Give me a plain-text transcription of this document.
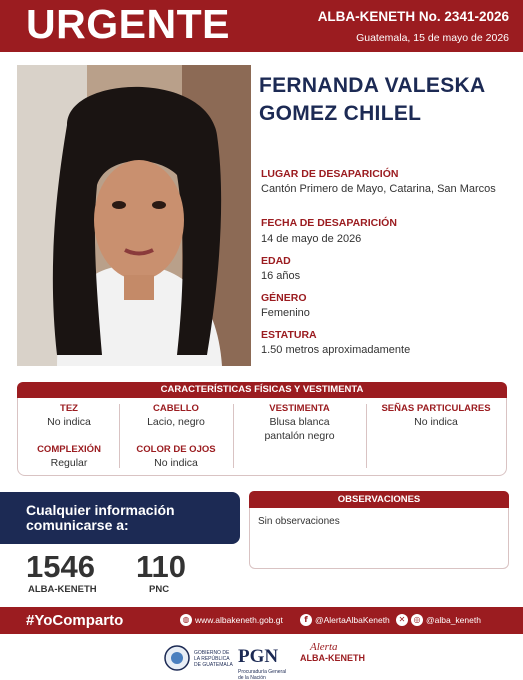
URGENTE	ALBA-KENETH No. 2341-2026
Guatemala, 15 de mayo de 2026
FERNANDA VALESKA
GOMEZ CHILEL
LUGAR DE DESAPARICIÓN
Cantón Primero de Mayo, Catarina, San Marcos
FECHA DE DESAPARICIÓN
14 de mayo de 2026
EDAD
16 años
GÉNERO
Femenino
ESTATURA
1.50 metros aproximadamente
CARACTERÍSTICAS FÍSICAS Y VESTIMENTA
TEZ
No indica
CABELLO
Lacio, negro
VESTIMENTA
Blusa blanca
pantalón negro
SEÑAS PARTICULARES
No indica
COMPLEXIÓN
Regular
COLOR DE OJOS
No indica
Cualquier información
comunicarse a:
1546
ALBA-KENETH
110
PNC
OBSERVACIONES
Sin observaciones
#YoComparto	◍ www.albakeneth.gob.gt	f @AlertaAlbaKeneth	✕	◎ @alba_keneth
GOBIERNO DE LA REPÚBLICA DE GUATEMALA PGN
Procuraduría General de la Nación
Alerta
ALBA-KENETH
